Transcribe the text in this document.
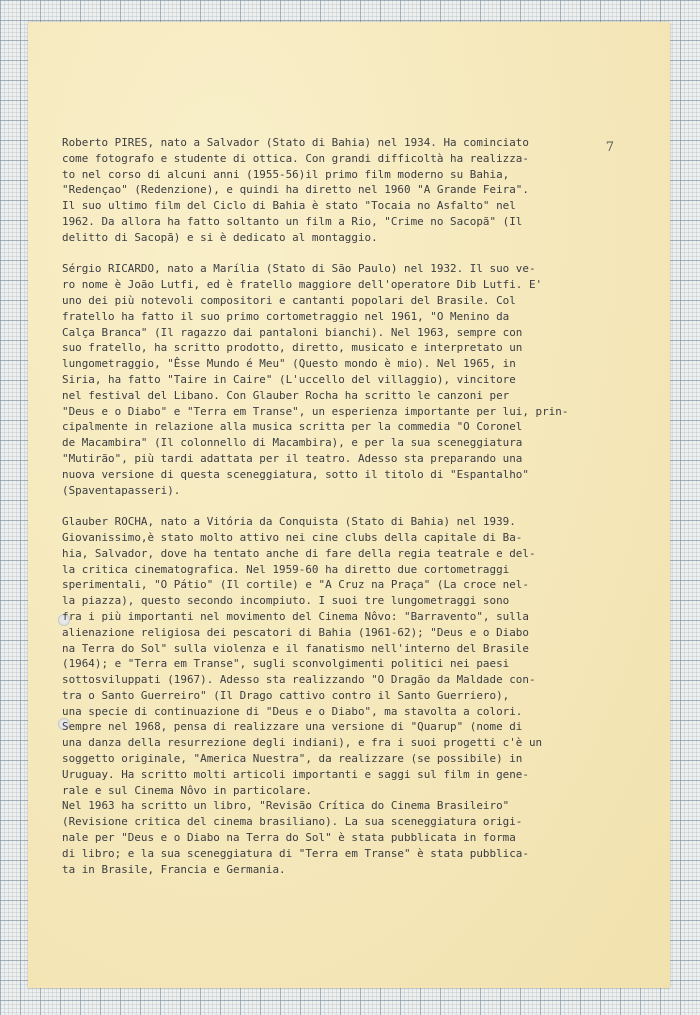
7
Roberto PIRES, nato a Salvador (Stato di Bahia) nel 1934. Ha cominciato
come fotografo e studente di ottica. Con grandi difficoltà ha realizza-
to nel corso di alcuni anni (1955-56)il primo film moderno su Bahia,
"Redençao" (Redenzione), e quindi ha diretto nel 1960 "A Grande Feira".
Il suo ultimo film del Ciclo di Bahia è stato "Tocaia no Asfalto" nel
1962. Da allora ha fatto soltanto un film a Rio, "Crime no Sacopã" (Il
delitto di Sacopã) e si è dedicato al montaggio.
Sérgio RICARDO, nato a Marília (Stato di São Paulo) nel 1932. Il suo ve-
ro nome è João Lutfi, ed è fratello maggiore dell'operatore Dib Lutfi. E'
uno dei più notevoli compositori e cantanti popolari del Brasile. Col
fratello ha fatto il suo primo cortometraggio nel 1961, "O Menino da
Calça Branca" (Il ragazzo dai pantaloni bianchi). Nel 1963, sempre con
suo fratello, ha scritto prodotto, diretto, musicato e interpretato un
lungometraggio, "Êsse Mundo é Meu" (Questo mondo è mio). Nel 1965, in
Siria, ha fatto "Taire in Caire" (L'uccello del villaggio), vincitore
nel festival del Libano. Con Glauber Rocha ha scritto le canzoni per
"Deus e o Diabo" e "Terra em Transe", un esperienza importante per lui, prin-
cipalmente in relazione alla musica scritta per la commedia "O Coronel
de Macambira" (Il colonnello di Macambira), e per la sua sceneggiatura
"Mutirão", più tardi adattata per il teatro. Adesso sta preparando una
nuova versione di questa sceneggiatura, sotto il titolo di "Espantalho"
(Spaventapasseri).
Glauber ROCHA, nato a Vitória da Conquista (Stato di Bahia) nel 1939.
Giovanissimo,è stato molto attivo nei cine clubs della capitale di Ba-
hia, Salvador, dove ha tentato anche di fare della regia teatrale e del-
la critica cinematografica. Nel 1959-60 ha diretto due cortometraggi
sperimentali, "O Pátio" (Il cortile) e "A Cruz na Praça" (La croce nel-
la piazza), questo secondo incompiuto. I suoi tre lungometraggi sono
fra i più importanti nel movimento del Cinema Nôvo: "Barravento", sulla
alienazione religiosa dei pescatori di Bahia (1961-62); "Deus e o Diabo
na Terra do Sol" sulla violenza e il fanatismo nell'interno del Brasile
(1964); e "Terra em Transe", sugli sconvolgimenti politici nei paesi
sottosviluppati (1967). Adesso sta realizzando "O Dragão da Maldade con-
tra o Santo Guerreiro" (Il Drago cattivo contro il Santo Guerriero),
una specie di continuazione di "Deus e o Diabo", ma stavolta a colori.
Sempre nel 1968, pensa di realizzare una versione di "Quarup" (nome di
una danza della resurrezione degli indiani), e fra i suoi progetti c'è un
soggetto originale, "America Nuestra", da realizzare (se possibile) in
Uruguay. Ha scritto molti articoli importanti e saggi sul film in gene-
rale e sul Cinema Nôvo in particolare.
Nel 1963 ha scritto un libro, "Revisão Crítica do Cinema Brasileiro"
(Revisione critica del cinema brasiliano). La sua sceneggiatura origi-
nale per "Deus e o Diabo na Terra do Sol" è stata pubblicata in forma
di libro; e la sua sceneggiatura di "Terra em Transe" è stata pubblica-
ta in Brasile, Francia e Germania.
